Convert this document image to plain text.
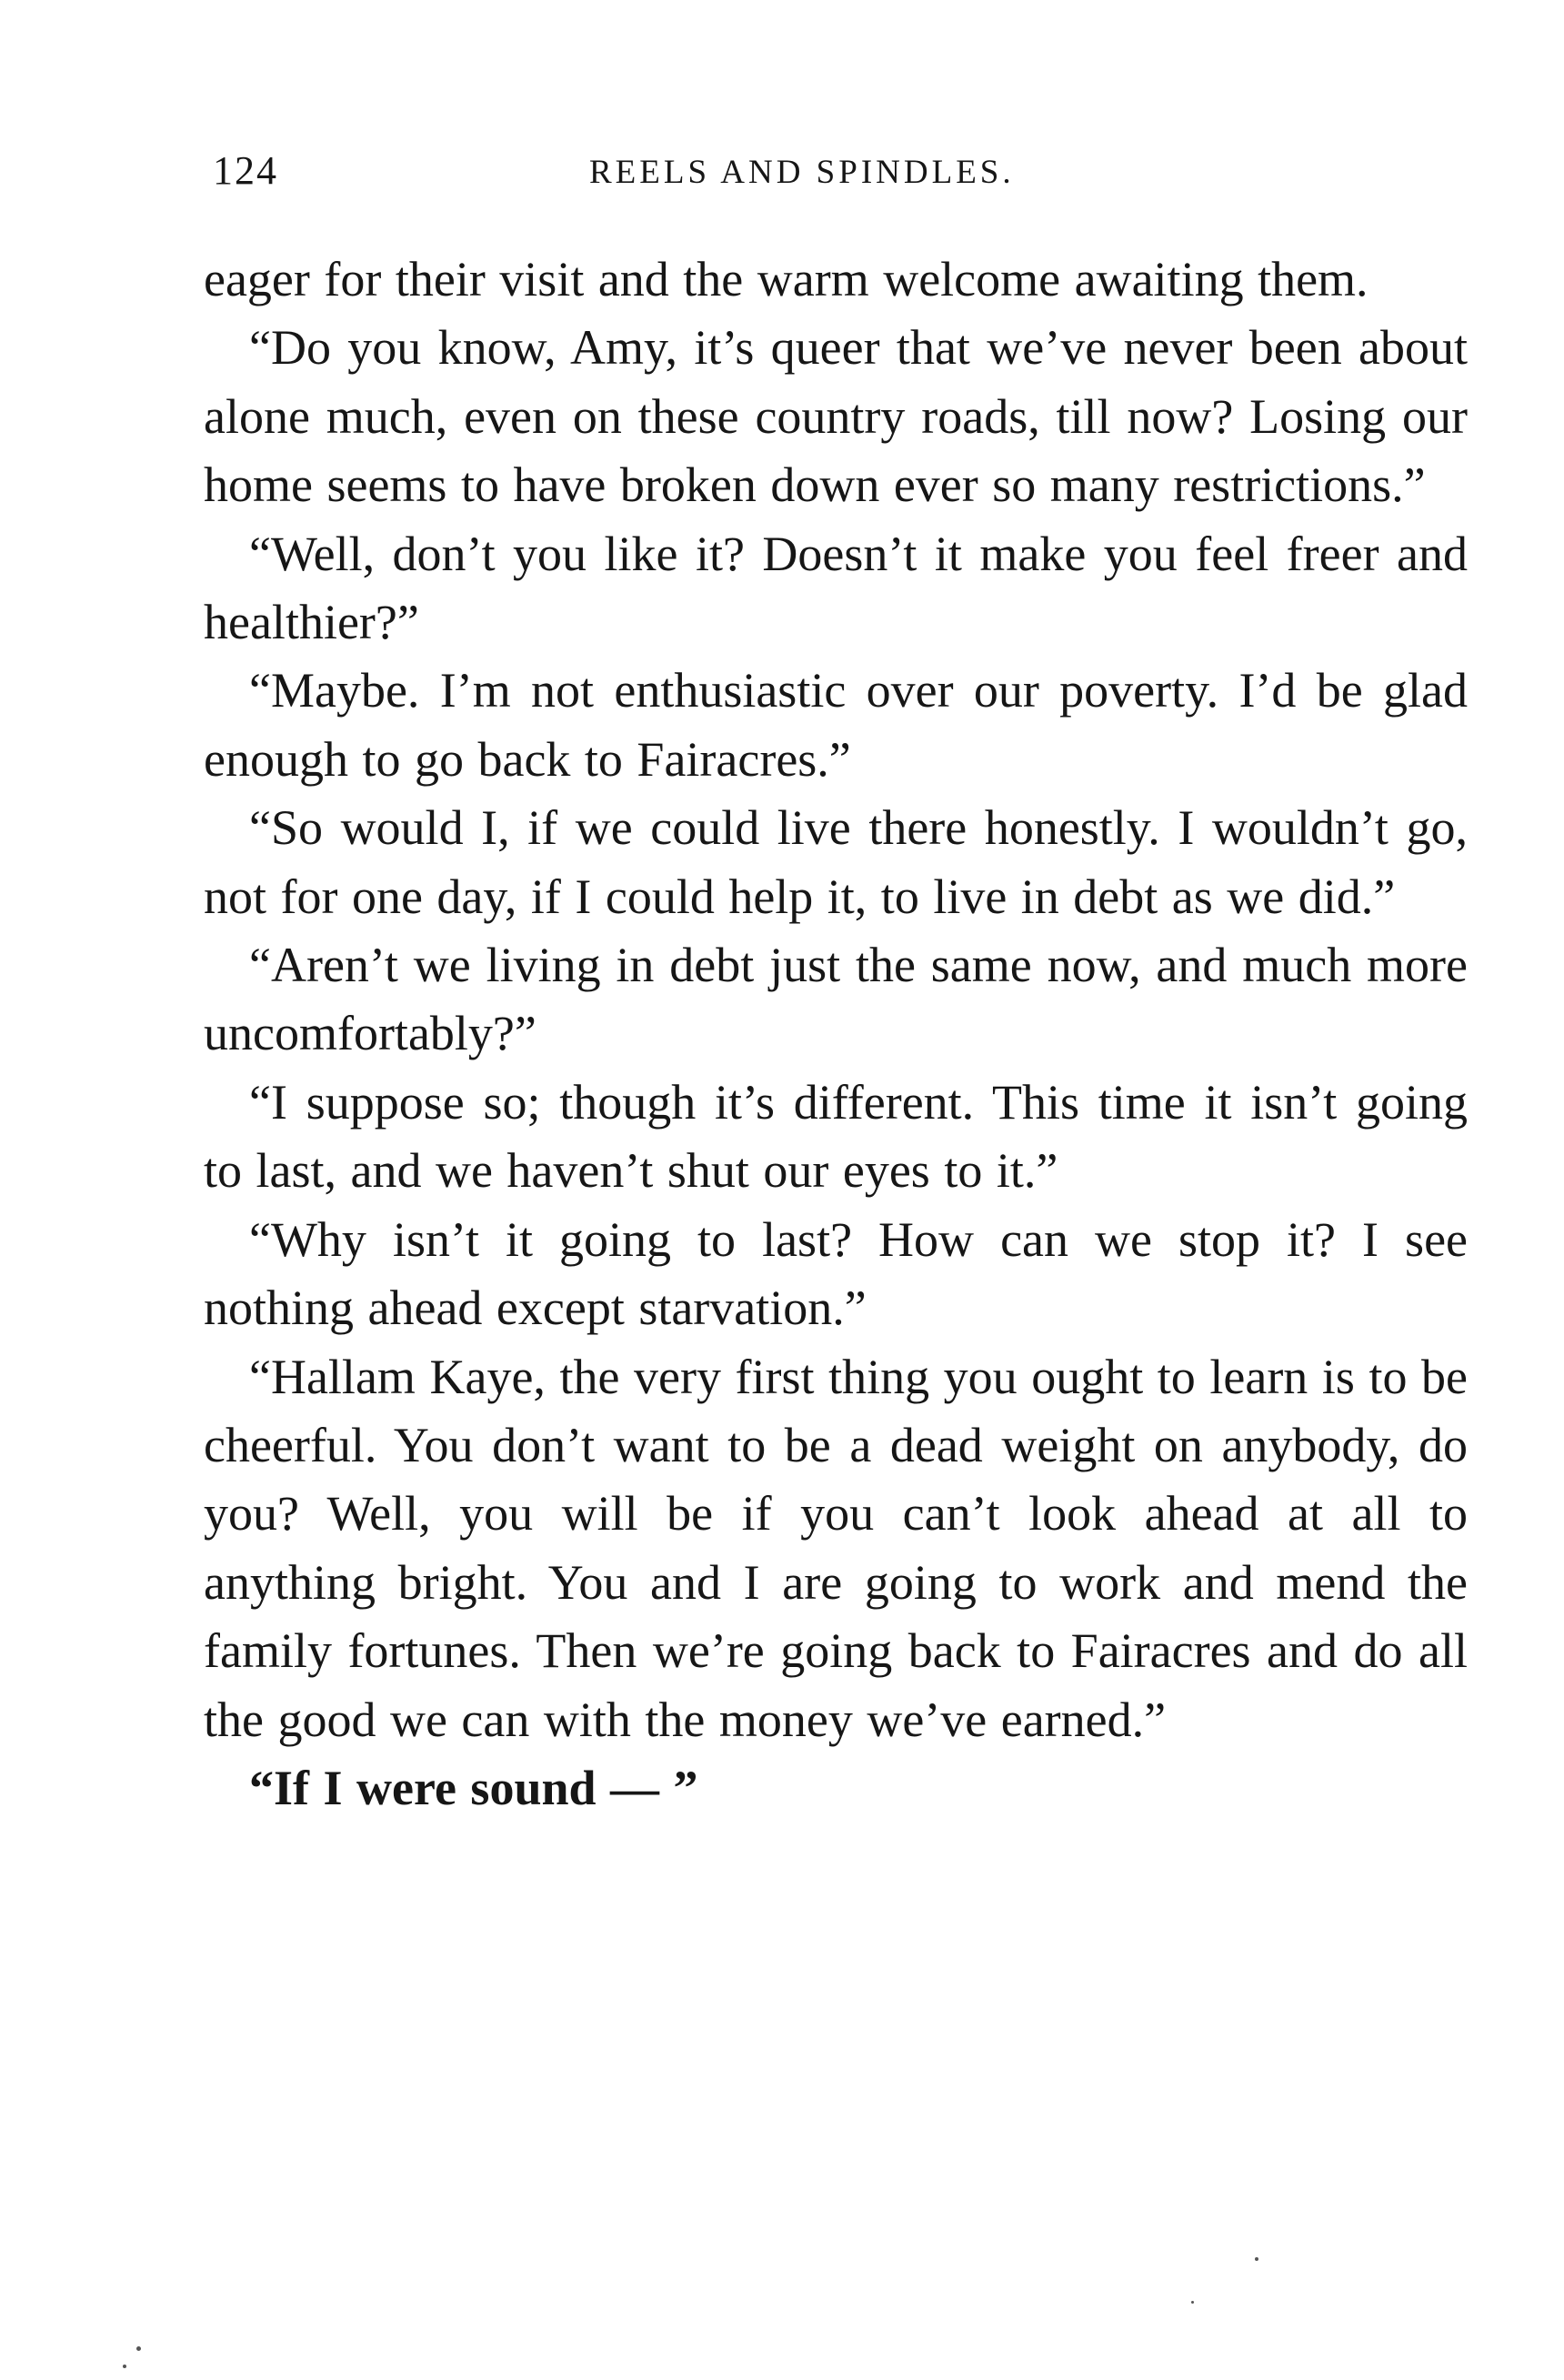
124	REELS AND SPINDLES.

eager for their visit and the warm welcome awaiting them.

“Do you know, Amy, it’s queer that we’ve never been about alone much, even on these country roads, till now? Losing our home seems to have broken down ever so many restrictions.”

“Well, don’t you like it? Doesn’t it make you feel freer and healthier?”

“Maybe. I’m not enthusiastic over our poverty. I’d be glad enough to go back to Fairacres.”

“So would I, if we could live there honestly. I wouldn’t go, not for one day, if I could help it, to live in debt as we did.”

“Aren’t we living in debt just the same now, and much more uncomfortably?”

“I suppose so; though it’s different. This time it isn’t going to last, and we haven’t shut our eyes to it.”

“Why isn’t it going to last? How can we stop it? I see nothing ahead except starvation.”

“Hallam Kaye, the very first thing you ought to learn is to be cheerful. You don’t want to be a dead weight on anybody, do you? Well, you will be if you can’t look ahead at all to anything bright. You and I are going to work and mend the family fortunes. Then we’re going back to Fairacres and do all the good we can with the money we’ve earned.”

“If I were sound — ”
